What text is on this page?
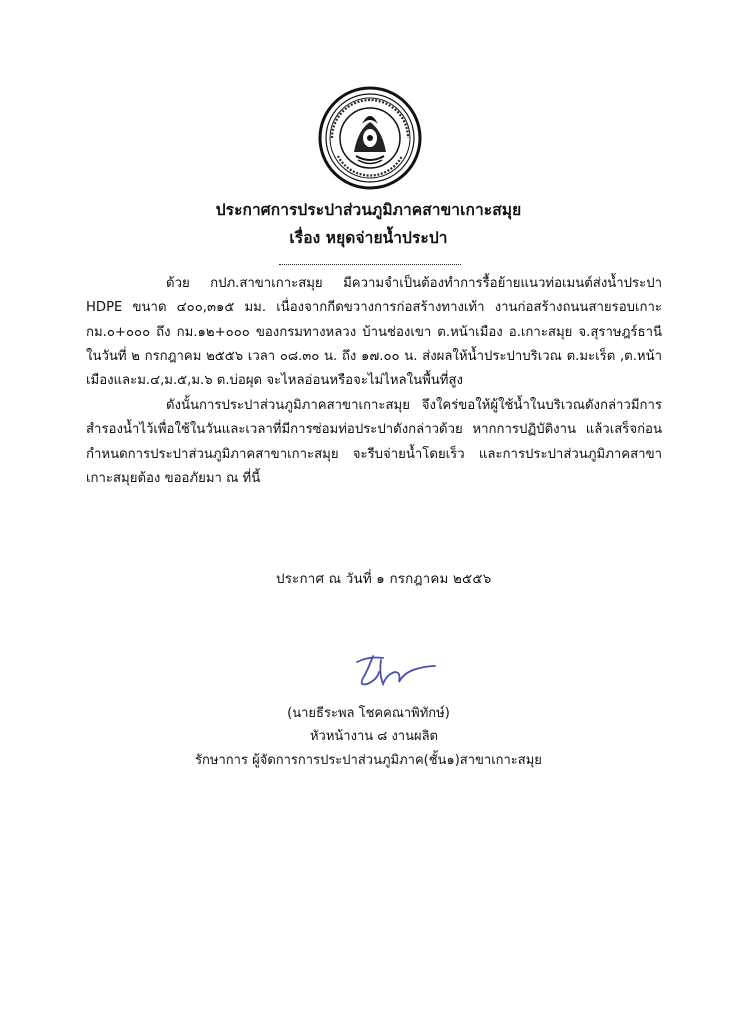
ประกาศการประปาส่วนภูมิภาคสาขาเกาะสมุย
เรื่อง หยุดจ่ายน้ำประปา

ด้วย กปภ.สาขาเกาะสมุย มีความจำเป็นต้องทำการรื้อย้ายแนวท่อเมนต์ส่งน้ำประปา HDPE ขนาด ๔๐๐,๓๑๕ มม. เนื่องจากกีดขวางการก่อสร้างทางเท้า งานก่อสร้างถนนสายรอบเกาะ กม.๐+๐๐๐ ถึง กม.๑๒+๐๐๐ ของกรมทางหลวง บ้านช่องเขา ต.หน้าเมือง อ.เกาะสมุย จ.สุราษฎร์ธานี ในวันที่ ๒ กรกฎาคม ๒๕๕๖ เวลา ๐๘.๓๐ น. ถึง ๑๗.๐๐ น. ส่งผลให้น้ำประปาบริเวณ ต.มะเร็ต ,ต.หน้าเมืองและม.๔,ม.๕,ม.๖ ต.บ่อผุด จะไหลอ่อนหรือจะไม่ไหลในพื้นที่สูง

ดังนั้นการประปาส่วนภูมิภาคสาขาเกาะสมุย จึงใคร่ขอให้ผู้ใช้น้ำในบริเวณดังกล่าวมีการสำรองน้ำไว้เพื่อใช้ในวันและเวลาที่มีการซ่อมท่อประปาดังกล่าวด้วย หากการปฏิบัติงาน แล้วเสร็จก่อนกำหนดการประปาส่วนภูมิภาคสาขาเกาะสมุย จะรีบจ่ายน้ำโดยเร็ว และการประปาส่วนภูมิภาคสาขาเกาะสมุยต้อง ขออภัยมา ณ ที่นี้

ประกาศ ณ วันที่ ๑ กรกฎาคม ๒๕๕๖
(นายธีระพล โชคคณาพิทักษ์)
หัวหน้างาน ๘ งานผลิต
รักษาการ ผู้จัดการการประปาส่วนภูมิภาค(ชั้น๑)สาขาเกาะสมุย
